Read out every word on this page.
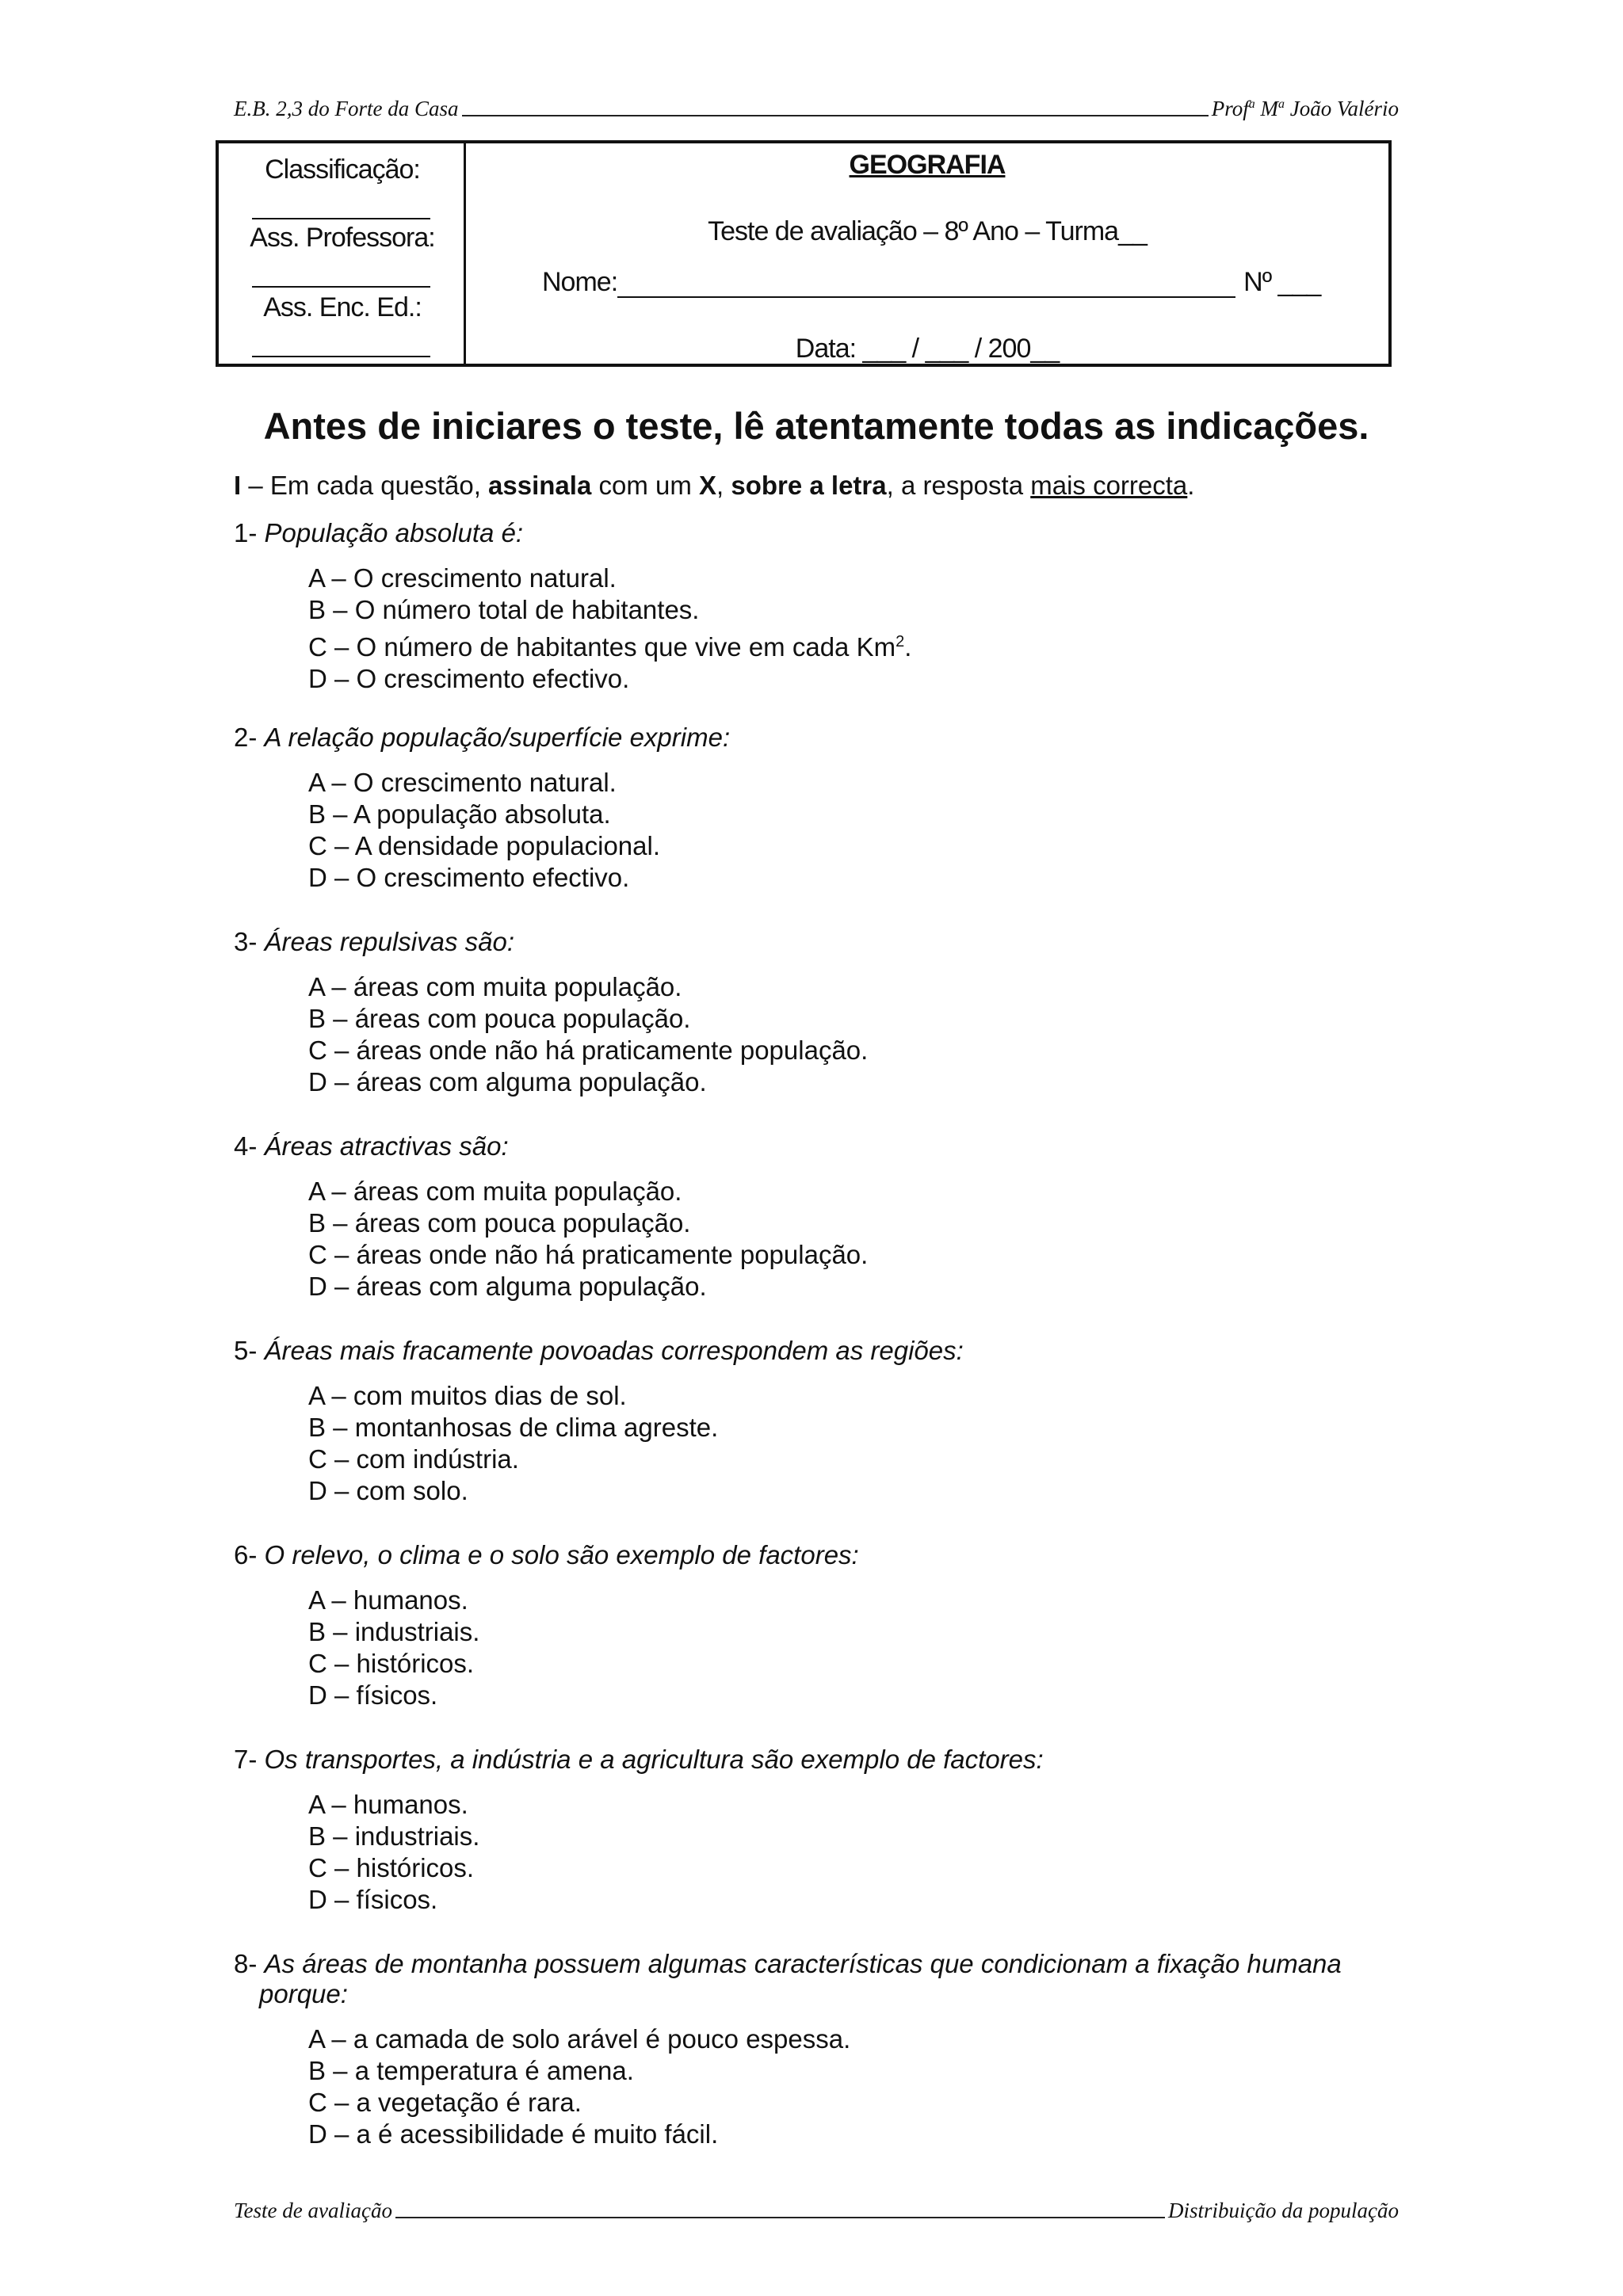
E.B. 2,3 do Forte da Casa	Prof$^a$ $M^a$ João Valério
Classificação:
Ass. Professora:
Ass. Enc. Ed.:
GEOGRAFIA
Teste de avaliação – 8º Ano – Turma__
Nome:	Nº ___
Data: ___ / ___ / 200__
Antes de iniciares o teste, lê atentamente todas as indicações.
I – Em cada questão, assinala com um X, sobre a letra, a resposta mais correcta.
1- População absoluta é:
A – O crescimento natural.
B – O número total de habitantes.
C – O número de habitantes que vive em cada Km$^2$.
D – O crescimento efectivo.
2- A relação população/superfície exprime:
A – O crescimento natural.
B – A população absoluta.
C – A densidade populacional.
D – O crescimento efectivo.
3- Áreas repulsivas são:
A – áreas com muita população.
B – áreas com pouca população.
C – áreas onde não há praticamente população.
D – áreas com alguma população.
4- Áreas atractivas são:
A – áreas com muita população.
B – áreas com pouca população.
C – áreas onde não há praticamente população.
D – áreas com alguma população.
5- Áreas mais fracamente povoadas correspondem as regiões:
A – com muitos dias de sol.
B – montanhosas de clima agreste.
C – com indústria.
D – com solo.
6- O relevo, o clima e o solo são exemplo de factores:
A – humanos.
B – industriais.
C – históricos.
D – físicos.
7- Os transportes, a indústria e a agricultura são exemplo de factores:
A – humanos.
B – industriais.
C – históricos.
D – físicos.
8- As áreas de montanha possuem algumas características que condicionam a fixação humana
porque:
A – a camada de solo arável é pouco espessa.
B – a temperatura é amena.
C – a vegetação é rara.
D – a é acessibilidade é muito fácil.
Teste de avaliação	Distribuição da população
